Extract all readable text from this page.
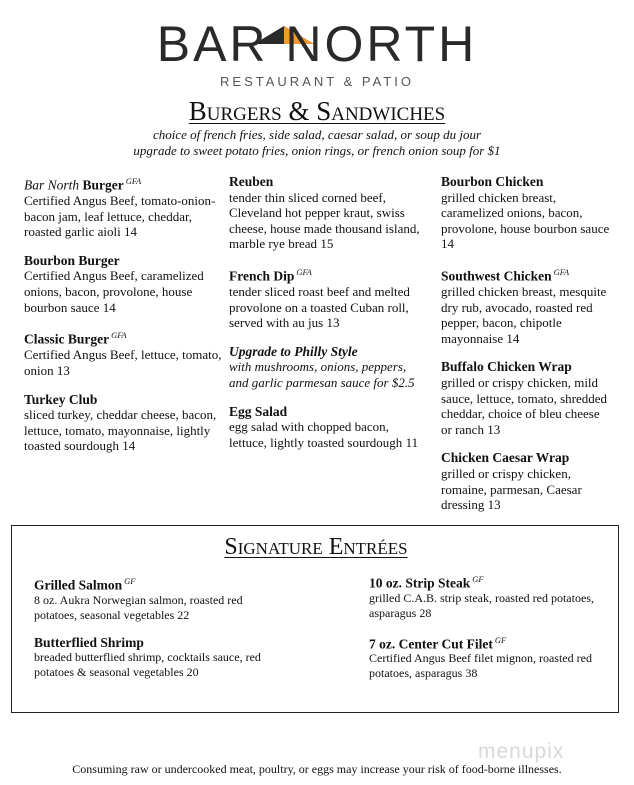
BAR NORTH
RESTAURANT & PATIO
Burgers & Sandwiches
choice of french fries, side salad, caesar salad, or soup du jour
upgrade to sweet potato fries, onion rings, or french onion soup for $1
Bar North Burger $^{GFA}$
Certified Angus Beef, tomato-onion-bacon jam, leaf lettuce, cheddar, roasted garlic aioli 14
Bourbon Burger
Certified Angus Beef, caramelized onions, bacon, provolone, house bourbon sauce 14
Classic Burger $^{GFA}$
Certified Angus Beef, lettuce, tomato, onion 13
Turkey Club
sliced turkey, cheddar cheese, bacon, lettuce, tomato, mayonnaise, lightly toasted sourdough 14
Reuben
tender thin sliced corned beef, Cleveland hot pepper kraut, swiss cheese, house made thousand island, marble rye bread 15
French Dip $^{GFA}$
tender sliced roast beef and melted provolone on a toasted Cuban roll, served with au jus 13
Upgrade to Philly Style
with mushrooms, onions, peppers, and garlic parmesan sauce for $2.5
Egg Salad
egg salad with chopped bacon, lettuce, lightly toasted sourdough 11
Bourbon Chicken
grilled chicken breast, caramelized onions, bacon, provolone, house bourbon sauce 14
Southwest Chicken $^{GFA}$
grilled chicken breast, mesquite dry rub, avocado, roasted red pepper, bacon, chipotle mayonnaise 14
Buffalo Chicken Wrap
grilled or crispy chicken, mild sauce, lettuce, tomato, shredded cheddar, choice of bleu cheese or ranch 13
Chicken Caesar Wrap
grilled or crispy chicken, romaine, parmesan, Caesar dressing 13
Signature Entrées
Grilled Salmon $^{GF}$
8 oz. Aukra Norwegian salmon, roasted red potatoes, seasonal vegetables 22
Butterflied Shrimp
breaded butterflied shrimp, cocktails sauce, red potatoes & seasonal vegetables 20
10 oz. Strip Steak $^{GF}$
grilled C.A.B. strip steak, roasted red potatoes, asparagus 28
7 oz. Center Cut Filet $^{GF}$
Certified Angus Beef filet mignon, roasted red potatoes, asparagus 38
menupix
Consuming raw or undercooked meat, poultry, or eggs may increase your risk of food-borne illnesses.
